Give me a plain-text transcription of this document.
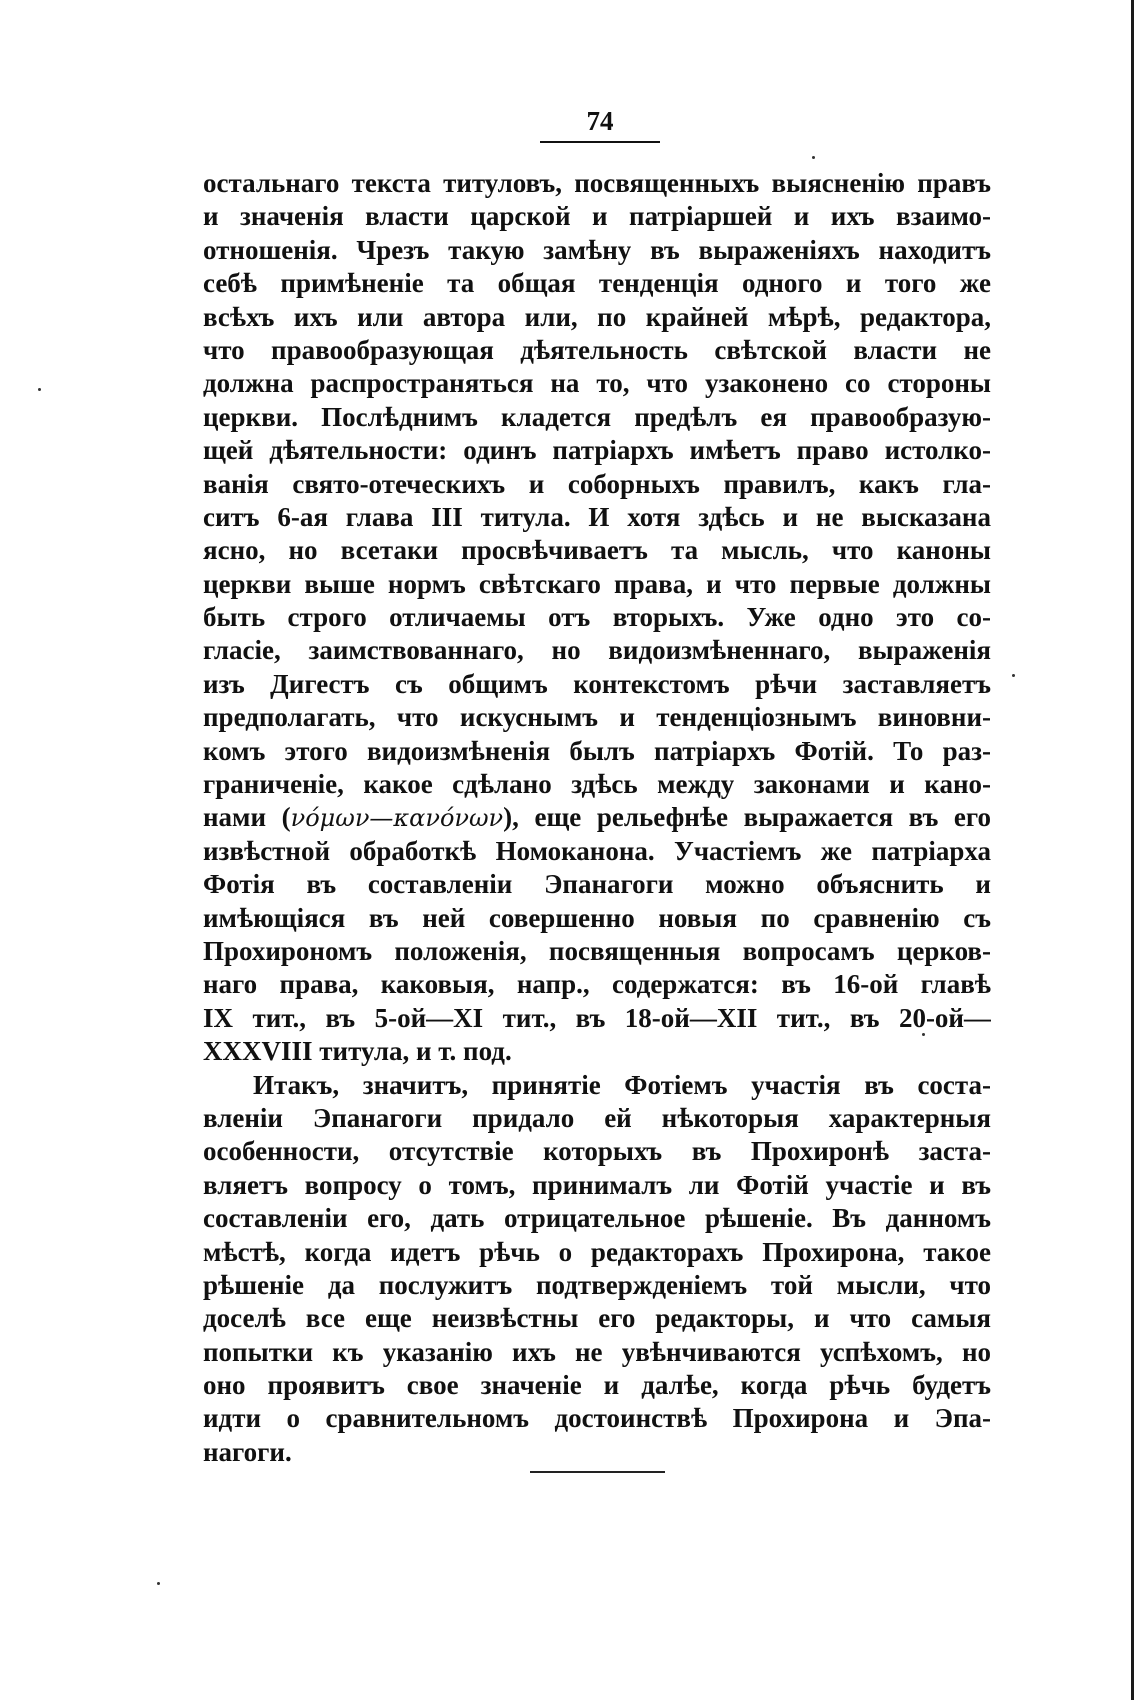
74
остальнаго текста титуловъ, посвященныхъ выясненію правъ
и значенія власти царской и патріаршей и ихъ взаимо-
отношенія. Чрезъ такую замѣну въ выраженіяхъ находитъ
себѣ примѣненіе та общая тенденція одного и того же
всѣхъ ихъ или автора или, по крайней мѣрѣ, редактора,
что правообразующая дѣятельность свѣтской власти не
должна распространяться на то, что узаконено со стороны
церкви. Послѣднимъ кладется предѣлъ ея правообразую-
щей дѣятельности: одинъ патріархъ имѣетъ право истолко-
ванія свято-отеческихъ и соборныхъ правилъ, какъ гла-
ситъ 6-ая глава III титула. И хотя здѣсь и не высказана
ясно, но всетаки просвѣчиваетъ та мысль, что каноны
церкви выше нормъ свѣтскаго права, и что первые должны
быть строго отличаемы отъ вторыхъ. Уже одно это со-
гласіе, заимствованнаго, но видоизмѣненнаго, выраженія
изъ Дигестъ съ общимъ контекстомъ рѣчи заставляетъ
предполагать, что искуснымъ и тенденціознымъ виновни-
комъ этого видоизмѣненія былъ патріархъ Фотій. То раз-
граниченіе, какое сдѣлано здѣсь между законами и кано-
нами (νόμων—κανόνων), еще рельефнѣе выражается въ его
извѣстной обработкѣ Номоканона. Участіемъ же патріарха
Фотія въ составленіи Эпанагоги можно объяснить и
имѣющіяся въ ней совершенно новыя по сравненію съ
Прохирономъ положенія, посвященныя вопросамъ церков-
наго права, каковыя, напр., содержатся: въ 16-ой главѣ
IX тит., въ 5-ой—XI тит., въ 18-ой—XII тит., въ 20-ой—
XXXVIII титула, и т. под.
Итакъ, значитъ, принятіе Фотіемъ участія въ соста-
вленіи Эпанагоги придало ей нѣкоторыя характерныя
особенности, отсутствіе которыхъ въ Прохиронѣ заста-
вляетъ вопросу о томъ, принималъ ли Фотій участіе и въ
составленіи его, дать отрицательное рѣшеніе. Въ данномъ
мѣстѣ, когда идетъ рѣчь о редакторахъ Прохирона, такое
рѣшеніе да послужитъ подтвержденіемъ той мысли, что
доселѣ все еще неизвѣстны его редакторы, и что самыя
попытки къ указанію ихъ не увѣнчиваются успѣхомъ, но
оно проявитъ свое значеніе и далѣе, когда рѣчь будетъ
идти о сравнительномъ достоинствѣ Прохирона и Эпа-
нагоги.
